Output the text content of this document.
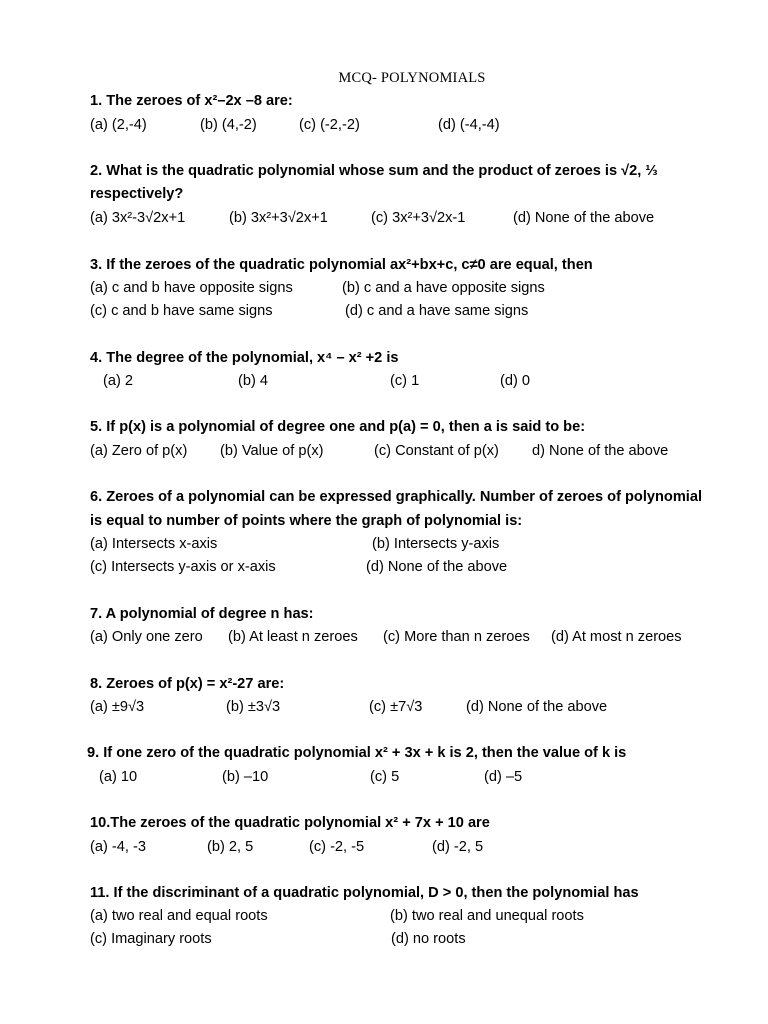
MCQ- POLYNOMIALS
1. The zeroes of x²–2x –8 are:
(a) (2,-4)	(b) (4,-2)	(c) (-2,-2)	(d) (-4,-4)
2. What is the quadratic polynomial whose sum and the product of zeroes is √2, ⅓
respectively?
(a) 3x²-3√2x+1	(b) 3x²+3√2x+1	(c) 3x²+3√2x-1	(d) None of the above
3. If the zeroes of the quadratic polynomial ax²+bx+c, c≠0 are equal, then
(a) c and b have opposite signs	(b) c and a have opposite signs
(c) c and b have same signs	(d) c and a have same signs
4. The degree of the polynomial, x⁴ – x² +2 is
(a) 2	(b) 4	(c) 1	(d) 0
5. If p(x) is a polynomial of degree one and p(a) = 0, then a is said to be:
(a) Zero of p(x) (b) Value of p(x)	(c) Constant of p(x) d) None of the above
6. Zeroes of a polynomial can be expressed graphically. Number of zeroes of polynomial
is equal to number of points where the graph of polynomial is:
(a) Intersects x-axis	(b) Intersects y-axis
(c) Intersects y-axis or x-axis	(d) None of the above
7. A polynomial of degree n has:
(a) Only one zero (b) At least n zeroes (c) More than n zeroes (d) At most n zeroes
8. Zeroes of p(x) = x²-27 are:
(a) ±9√3	(b) ±3√3	(c) ±7√3	(d) None of the above
9. If one zero of the quadratic polynomial x² + 3x + k is 2, then the value of k is
(a) 10	(b) –10	(c) 5	(d) –5
10.The zeroes of the quadratic polynomial x² + 7x + 10 are
(a) -4, -3	(b) 2, 5	(c) -2, -5	(d) -2, 5
11. If the discriminant of a quadratic polynomial, D > 0, then the polynomial has
(a) two real and equal roots	(b) two real and unequal roots
(c) Imaginary roots	(d) no roots
